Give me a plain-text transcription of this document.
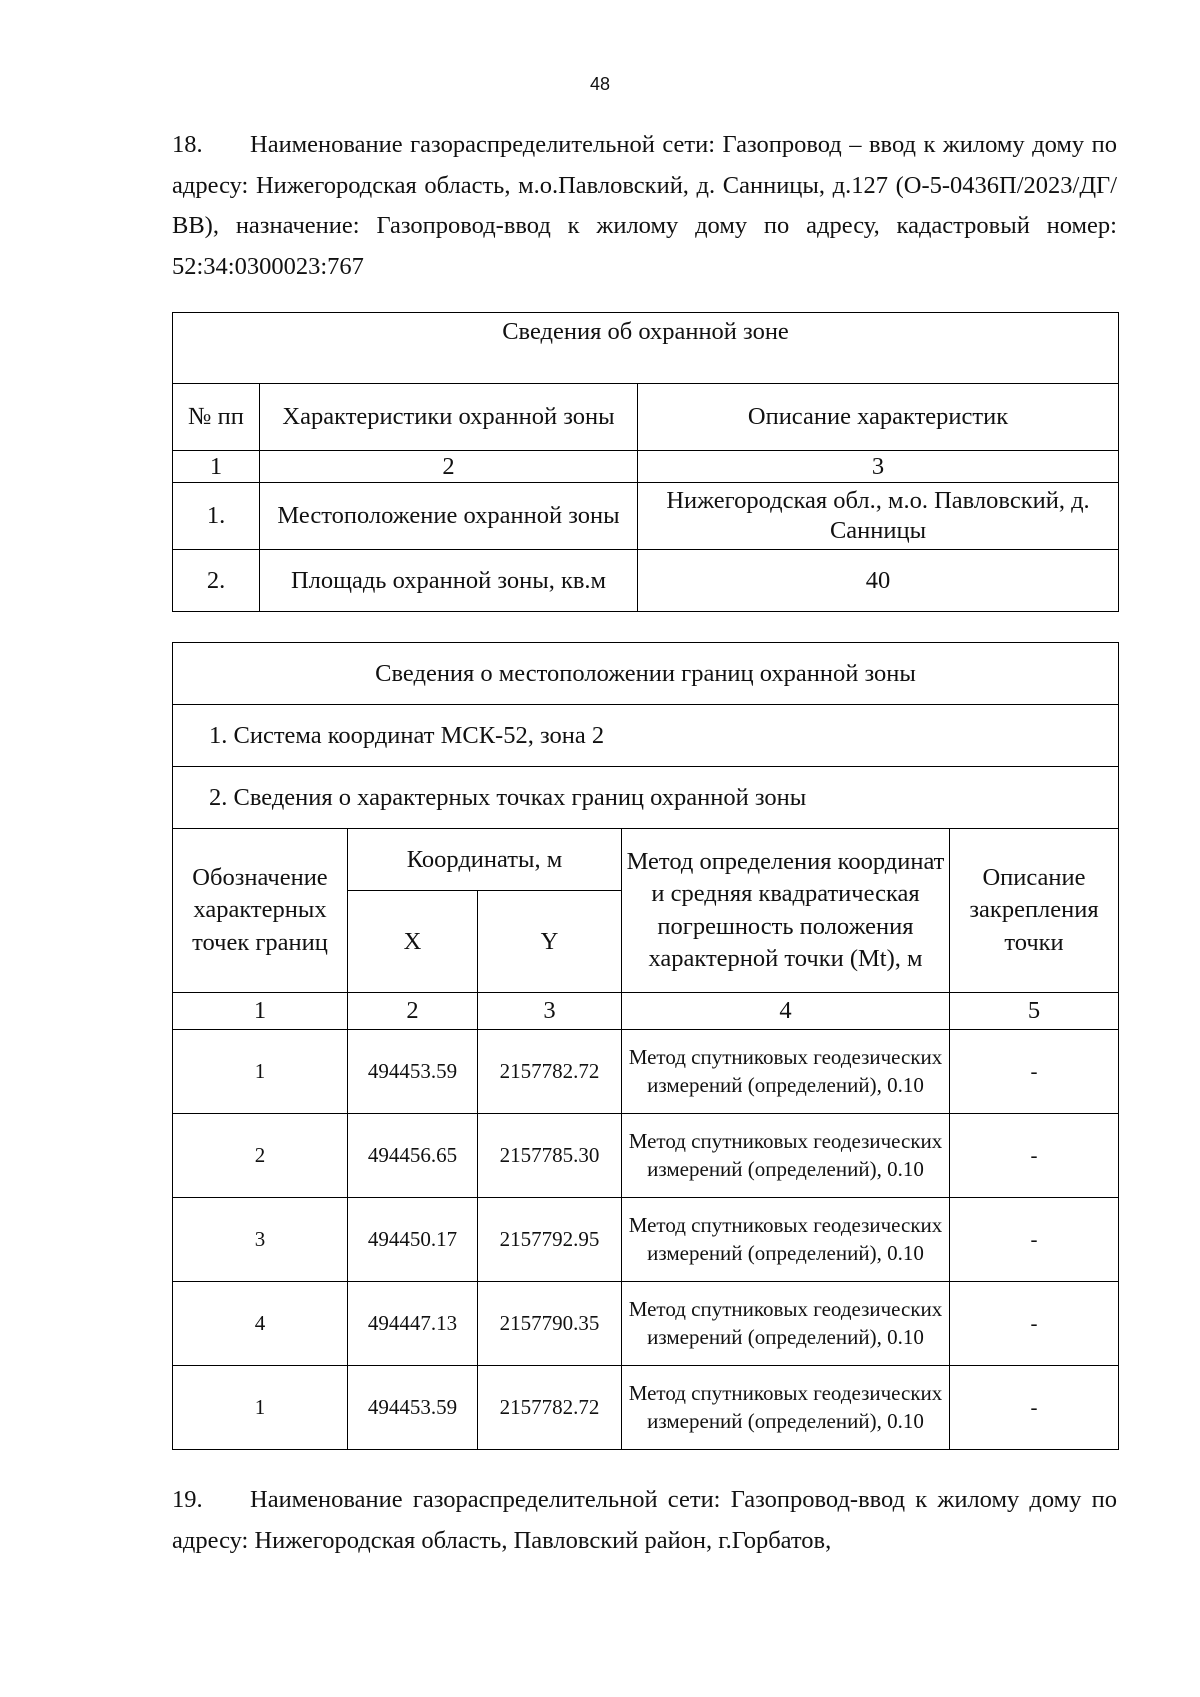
48
18. Наименование газораспределительной сети: Газопровод – ввод к жилому дому по адресу: Нижегородская область, м.о.Павловский, д. Санницы, д.127 (О-5-0436П/2023/ДГ/ВВ), назначение: Газопровод-ввод к жилому дому по адресу, кадастровый номер: 52:34:0300023:767
Сведения об охранной зоне		
№ пп	Характеристики охранной зоны	Описание характеристик
1	2	3
1.	Местоположение охранной зоны	Нижегородская обл., м.о. Павловский, д. Санницы
2.	Площадь охранной зоны, кв.м	40
Сведения о местоположении границ охранной зоны				
1. Система координат МСК-52, зона 2				
2. Сведения о характерных точках границ охранной зоны				
Обозначение характерных точек границ	Координаты, м		Метод определения координат и средняя квадратическая погрешность положения характерной точки (Mt), м	Описание закрепления точки
	X	Y		
1	2	3	4	5
1	494453.59	2157782.72	Метод спутниковых геодезических измерений (определений), 0.10	-
2	494456.65	2157785.30	Метод спутниковых геодезических измерений (определений), 0.10	-
3	494450.17	2157792.95	Метод спутниковых геодезических измерений (определений), 0.10	-
4	494447.13	2157790.35	Метод спутниковых геодезических измерений (определений), 0.10	-
1	494453.59	2157782.72	Метод спутниковых геодезических измерений (определений), 0.10	-
19. Наименование газораспределительной сети: Газопровод-ввод к жилому дому по адресу: Нижегородская область, Павловский район, г.Горбатов,
